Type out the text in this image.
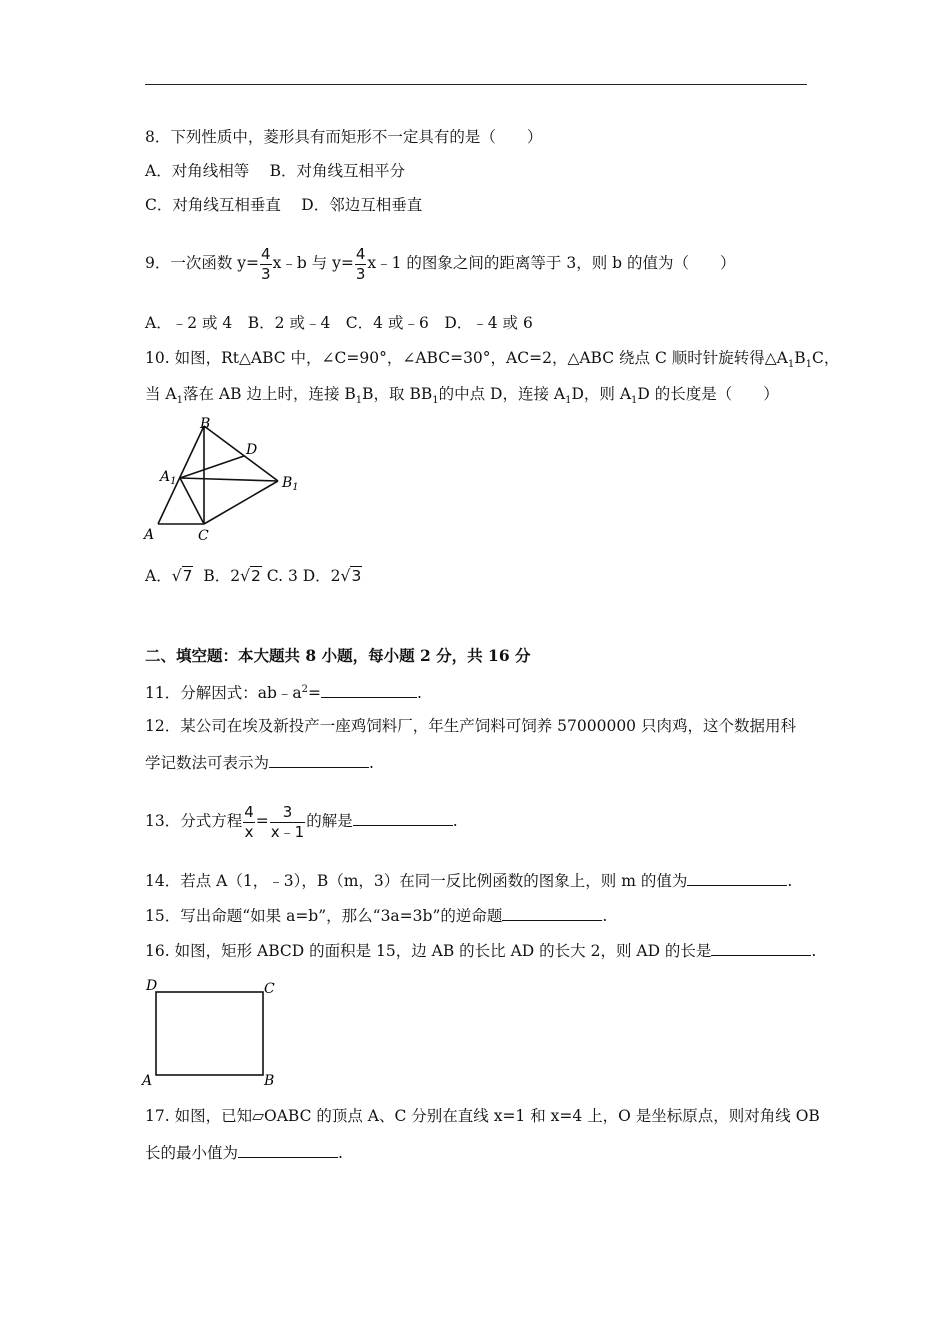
8．下列性质中，菱形具有而矩形不一定具有的是（　　）
A．对角线相等　 B．对角线互相平分
C．对角线互相垂直　 D．邻边互相垂直
9．一次函数 $y= \frac{4}{3}$ x﹣b 与 $y= \frac{4}{3}$ x﹣1 的图象之间的距离等于 3，则 b 的值为（　　）
A．﹣2 或 4　B．2 或﹣4　C．4 或﹣6　D．﹣4 或 6
10. 如图，Rt△ABC 中，∠C=90°，∠ABC=30°，AC=2，△ABC 绕点 C 顺时针旋转得$\triangle A_1B_1C$，
当 $A_1$落在 AB 边上时，连接 $B_1B$，取 $BB_1$的中点 D，连接 $A_1D$，则 $A_1D$ 的长度是（　　）
B
D
$A_1$	$B_1$
A	C
A．√7 B．2√2 C. 3 D．2√3
二、填空题：本大题共 8 小题，每小题 2 分，共 16 分
11．分解因式：$ab﹣a^2=$	.
12．某公司在埃及新投产一座鸡饲料厂，年生产饲料可饲养 57000000 只肉鸡，这个数据用科
学记数法可表示为	.
13．分式方程 $\frac{4}{x} = \frac{3}{x﹣1}$ 的解是	.
14．若点 A（1，﹣3），B（m，3）在同一反比例函数的图象上，则 m 的值为	.
15．写出命题“如果 a=b”，那么“3a=3b”的逆命题	.
16. 如图，矩形 ABCD 的面积是 15，边 AB 的长比 AD 的长大 2，则 AD 的长是	.
D	C
A	B
17. 如图，已知▱OABC 的顶点 A、C 分别在直线 x=1 和 x=4 上，O 是坐标原点，则对角线 OB
长的最小值为	.
